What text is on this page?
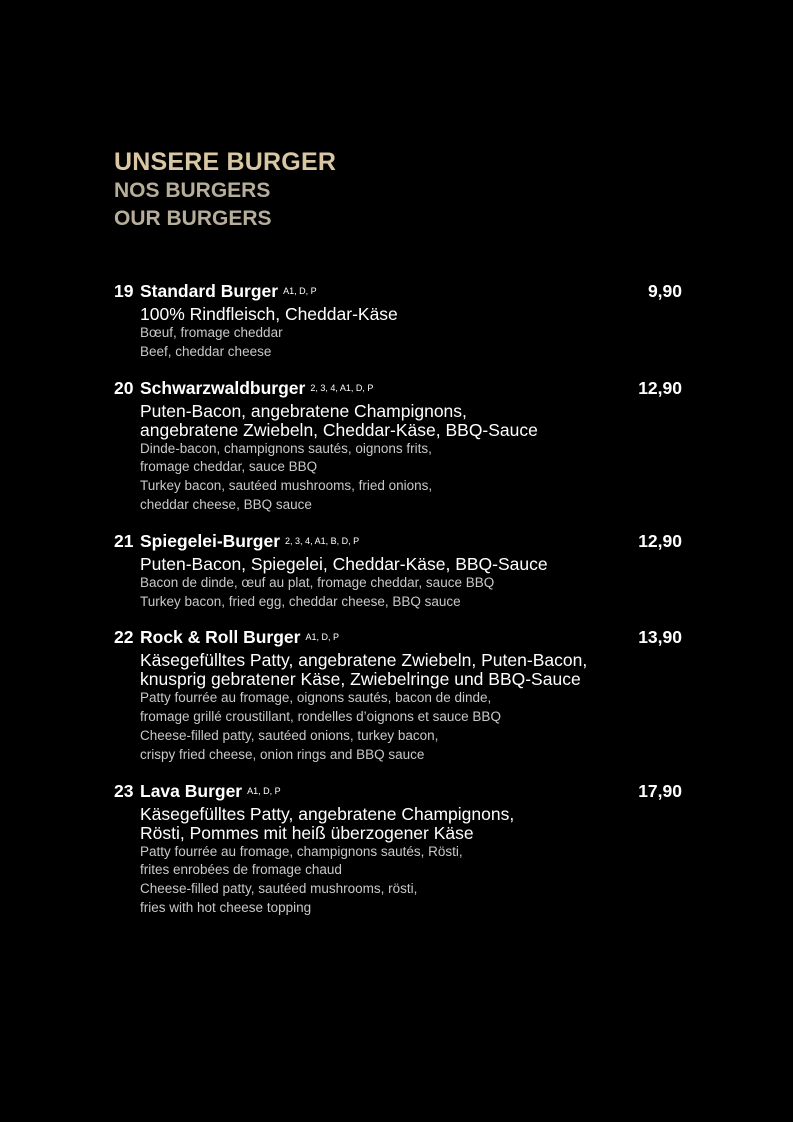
UNSERE BURGER
NOS BURGERS
OUR BURGERS
19 Standard Burger A1, D, P	9,90
100% Rindfleisch, Cheddar-Käse
Bœuf, fromage cheddar
Beef, cheddar cheese
20 Schwarzwaldburger 2, 3, 4, A1, D, P	12,90
Puten-Bacon, angebratene Champignons,
angebratene Zwiebeln, Cheddar-Käse, BBQ-Sauce
Dinde-bacon, champignons sautés, oignons frits,
fromage cheddar, sauce BBQ
Turkey bacon, sautéed mushrooms, fried onions,
cheddar cheese, BBQ sauce
21 Spiegelei-Burger 2, 3, 4, A1, B, D, P	12,90
Puten-Bacon, Spiegelei, Cheddar-Käse, BBQ-Sauce
Bacon de dinde, œuf au plat, fromage cheddar, sauce BBQ
Turkey bacon, fried egg, cheddar cheese, BBQ sauce
22 Rock & Roll Burger A1, D, P	13,90
Käsegefülltes Patty, angebratene Zwiebeln, Puten-Bacon,
knusprig gebratener Käse, Zwiebelringe und BBQ-Sauce
Patty fourrée au fromage, oignons sautés, bacon de dinde,
fromage grillé croustillant, rondelles d’oignons et sauce BBQ
Cheese-filled patty, sautéed onions, turkey bacon,
crispy fried cheese, onion rings and BBQ sauce
23 Lava Burger A1, D, P	17,90
Käsegefülltes Patty, angebratene Champignons,
Rösti, Pommes mit heiß überzogener Käse
Patty fourrée au fromage, champignons sautés, Rösti,
frites enrobées de fromage chaud
Cheese-filled patty, sautéed mushrooms, rösti,
fries with hot cheese topping
